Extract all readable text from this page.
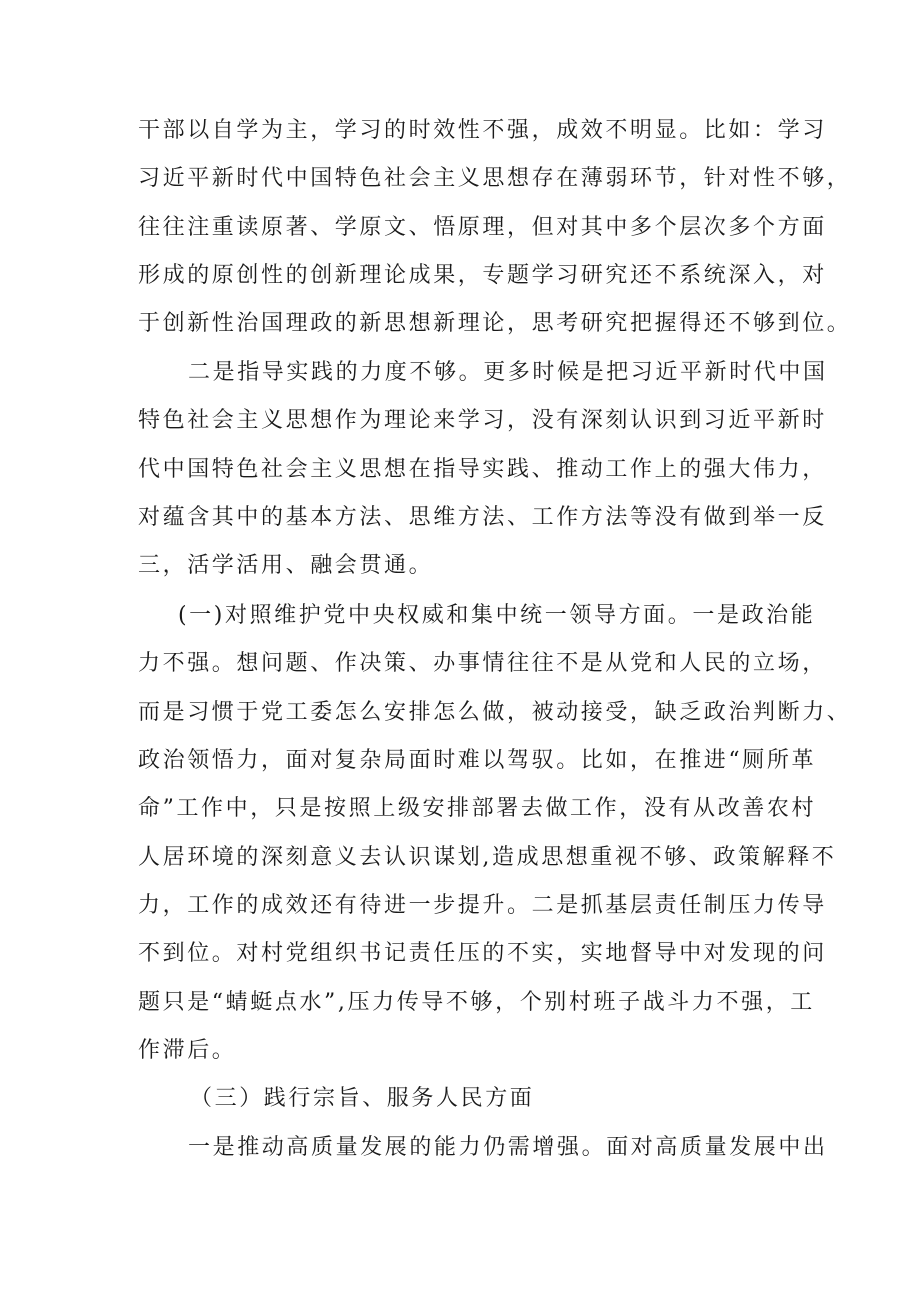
干部以自学为主，学习的时效性不强，成效不明显。比如：学习
习近平新时代中国特色社会主义思想存在薄弱环节，针对性不够，
往往注重读原著、学原文、悟原理，但对其中多个层次多个方面
形成的原创性的创新理论成果，专题学习研究还不系统深入，对
于创新性治国理政的新思想新理论，思考研究把握得还不够到位。
二是指导实践的力度不够。更多时候是把习近平新时代中国
特色社会主义思想作为理论来学习，没有深刻认识到习近平新时
代中国特色社会主义思想在指导实践、推动工作上的强大伟力，
对蕴含其中的基本方法、思维方法、工作方法等没有做到举一反
三，活学活用、融会贯通。
(一)对照维护党中央权威和集中统一领导方面。一是政治能
力不强。想问题、作决策、办事情往往不是从党和人民的立场，
而是习惯于党工委怎么安排怎么做，被动接受，缺乏政治判断力、
政治领悟力，面对复杂局面时难以驾驭。比如，在推进“厕所革
命”工作中，只是按照上级安排部署去做工作，没有从改善农村
人居环境的深刻意义去认识谋划,造成思想重视不够、政策解释不
力，工作的成效还有待进一步提升。二是抓基层责任制压力传导
不到位。对村党组织书记责任压的不实，实地督导中对发现的问
题只是“蜻蜓点水”,压力传导不够，个别村班子战斗力不强，工
作滞后。
（三）践行宗旨、服务人民方面
一是推动高质量发展的能力仍需增强。面对高质量发展中出
